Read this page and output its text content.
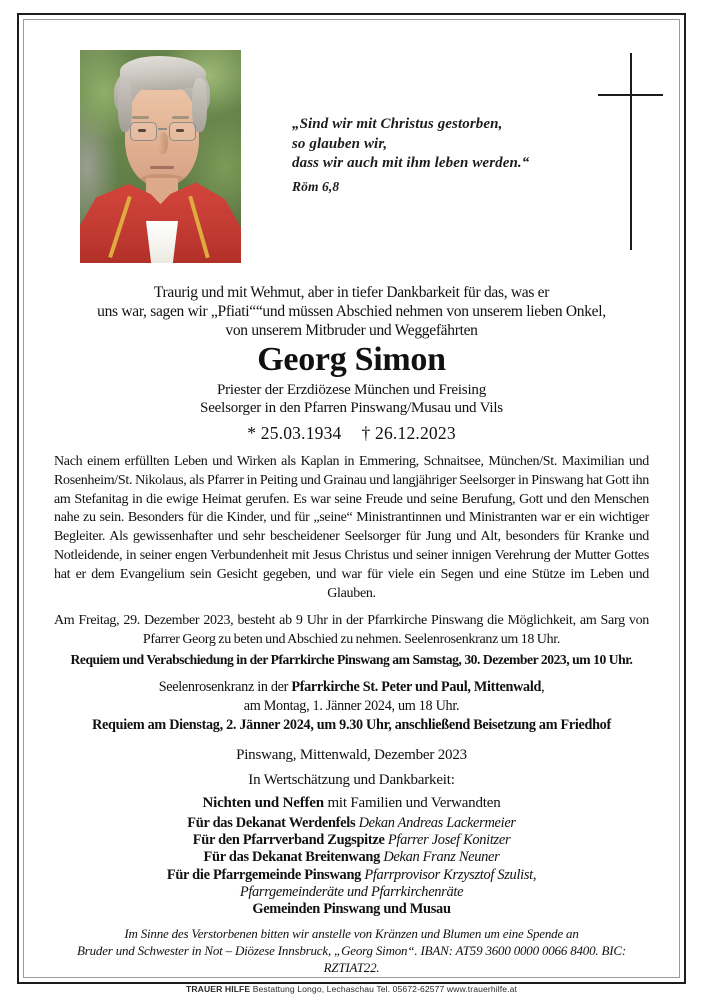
„Sind wir mit Christus gestorben,
so glauben wir,
dass wir auch mit ihm leben werden.“
Röm 6,8
Traurig und mit Wehmut, aber in tiefer Dankbarkeit für das, was er
uns war, sagen wir „Pfiati““und müssen Abschied nehmen von unserem lieben Onkel,
von unserem Mitbruder und Weggefährten
Georg Simon
Priester der Erzdiözese München und Freising
Seelsorger in den Pfarren Pinswang/Musau und Vils
* 25.03.1934 † 26.12.2023
Nach einem erfüllten Leben und Wirken als Kaplan in Emmering, Schnaitsee, München/St. Maximilian und Rosenheim/St. Nikolaus, als Pfarrer in Peiting und Grainau und langjähriger Seelsorger in Pinswang hat Gott ihn am Stefanitag in die ewige Heimat gerufen. Es war seine Freude und seine Berufung, Gott und den Menschen nahe zu sein. Besonders für die Kinder, und für „seine“ Ministrantinnen und Ministranten war er ein wichtiger Begleiter. Als gewissenhafter und sehr bescheidener Seelsorger für Jung und Alt, besonders für Kranke und Notleidende, in seiner engen Verbundenheit mit Jesus Christus und seiner innigen Verehrung der Mutter Gottes hat er dem Evangelium sein Gesicht gegeben, und war für viele ein Segen und eine Stütze im Leben und Glauben.
Am Freitag, 29. Dezember 2023, besteht ab 9 Uhr in der Pfarrkirche Pinswang die Möglichkeit, am Sarg von Pfarrer Georg zu beten und Abschied zu nehmen. Seelenrosenkranz um 18 Uhr.
Requiem und Verabschiedung in der Pfarrkirche Pinswang am Samstag, 30. Dezember 2023, um 10 Uhr.
Seelenrosenkranz in der Pfarrkirche St. Peter und Paul, Mittenwald,
am Montag, 1. Jänner 2024, um 18 Uhr.
Requiem am Dienstag, 2. Jänner 2024, um 9.30 Uhr, anschließend Beisetzung am Friedhof
Pinswang, Mittenwald, Dezember 2023
In Wertschätzung und Dankbarkeit:
Nichten und Neffen mit Familien und Verwandten
Für das Dekanat Werdenfels Dekan Andreas Lackermeier
Für den Pfarrverband Zugspitze Pfarrer Josef Konitzer
Für das Dekanat Breitenwang Dekan Franz Neuner
Für die Pfarrgemeinde Pinswang Pfarrprovisor Krzysztof Szulist,
Pfarrgemeinderäte und Pfarrkirchenräte
Gemeinden Pinswang und Musau
Im Sinne des Verstorbenen bitten wir anstelle von Kränzen und Blumen um eine Spende an
Bruder und Schwester in Not – Diözese Innsbruck, „Georg Simon“. IBAN: AT59 3600 0000 0066 8400. BIC: RZTIAT22.
TRAUER HILFE Bestattung Longo, Lechaschau Tel. 05672-62577 www.trauerhilfe.at
